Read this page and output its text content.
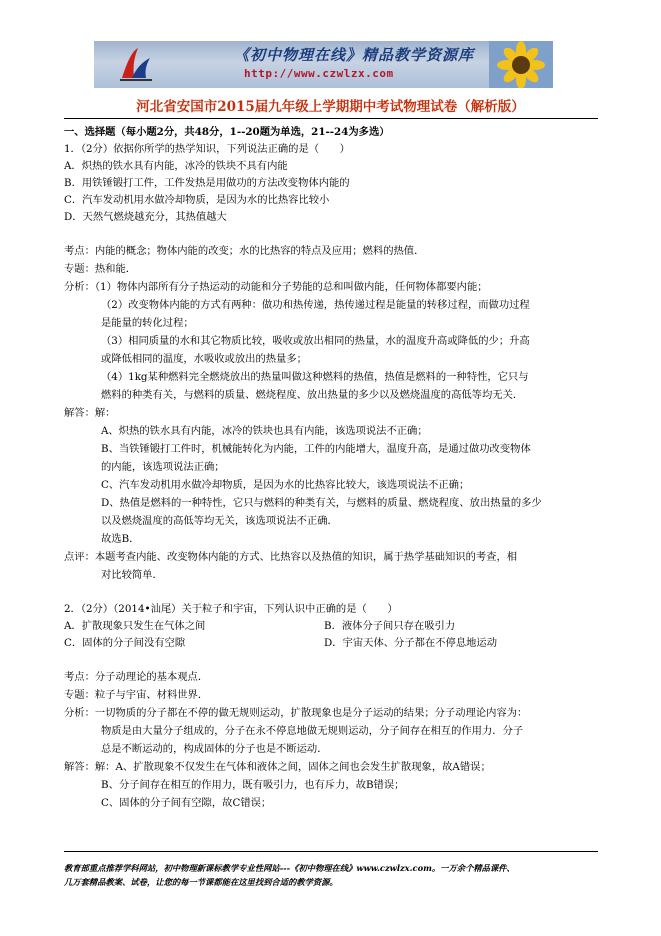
《初中物理在线》精品教学资源库
http://www.czwlzx.com
河北省安国市2015届九年级上学期期中考试物理试卷（解析版）
一、选择题（每小题2分，共48分，1--20题为单选，21--24为多选）
1．（2分）依据你所学的热学知识，下列说法正确的是（　　）
A．炽热的铁水具有内能，冰冷的铁块不具有内能
B．用铁锤锻打工件，工件发热是用做功的方法改变物体内能的
C．汽车发动机用水做冷却物质，是因为水的比热容比较小
D．天然气燃烧越充分，其热值越大
考点：内能的概念；物体内能的改变；水的比热容的特点及应用；燃料的热值．
专题：热和能．
分析：（1）物体内部所有分子热运动的动能和分子势能的总和叫做内能，任何物体都要内能；
（2）改变物体内能的方式有两种：做功和热传递，热传递过程是能量的转移过程，而做功过程
是能量的转化过程；
（3）相同质量的水和其它物质比较，吸收或放出相同的热量，水的温度升高或降低的少；升高
或降低相同的温度，水吸收或放出的热量多；
（4）1kg某种燃料完全燃烧放出的热量叫做这种燃料的热值，热值是燃料的一种特性，它只与
燃料的种类有关，与燃料的质量、燃烧程度、放出热量的多少以及燃烧温度的高低等均无关．
解答：解：
A、炽热的铁水具有内能，冰冷的铁块也具有内能，该选项说法不正确；
B、当铁锤锻打工件时，机械能转化为内能，工件的内能增大，温度升高，是通过做功改变物体
的内能，该选项说法正确；
C、汽车发动机用水做冷却物质，是因为水的比热容比较大，该选项说法不正确；
D、热值是燃料的一种特性，它只与燃料的种类有关，与燃料的质量、燃烧程度、放出热量的多少
以及燃烧温度的高低等均无关，该选项说法不正确．
故选B．
点评：本题考查内能、改变物体内能的方式、比热容以及热值的知识，属于热学基础知识的考查，相
对比较简单．
2．（2分）（2014•汕尾）关于粒子和宇宙，下列认识中正确的是（　　）
A．扩散现象只发生在气体之间	B．液体分子间只存在吸引力
C．固体的分子间没有空隙	D．宇宙天体、分子都在不停息地运动
考点：分子动理论的基本观点．
专题：粒子与宇宙、材料世界．
分析：一切物质的分子都在不停的做无规则运动，扩散现象也是分子运动的结果；分子动理论内容为：
物质是由大量分子组成的，分子在永不停息地做无规则运动，分子间存在相互的作用力．分子
总是不断运动的，构成固体的分子也是不断运动．
解答：解：A、扩散现象不仅发生在气体和液体之间，固体之间也会发生扩散现象，故A错误；
B、分子间存在相互的作用力，既有吸引力，也有斥力，故B错误；
C、固体的分子间有空隙，故C错误；
教育部重点推荐学科网站，初中物理新课标教学专业性网站---《初中物理在线》www.czwlzx.com。一万余个精品课件、
几万套精品教案、试卷，让您的每一节课都能在这里找到合适的教学资源。
